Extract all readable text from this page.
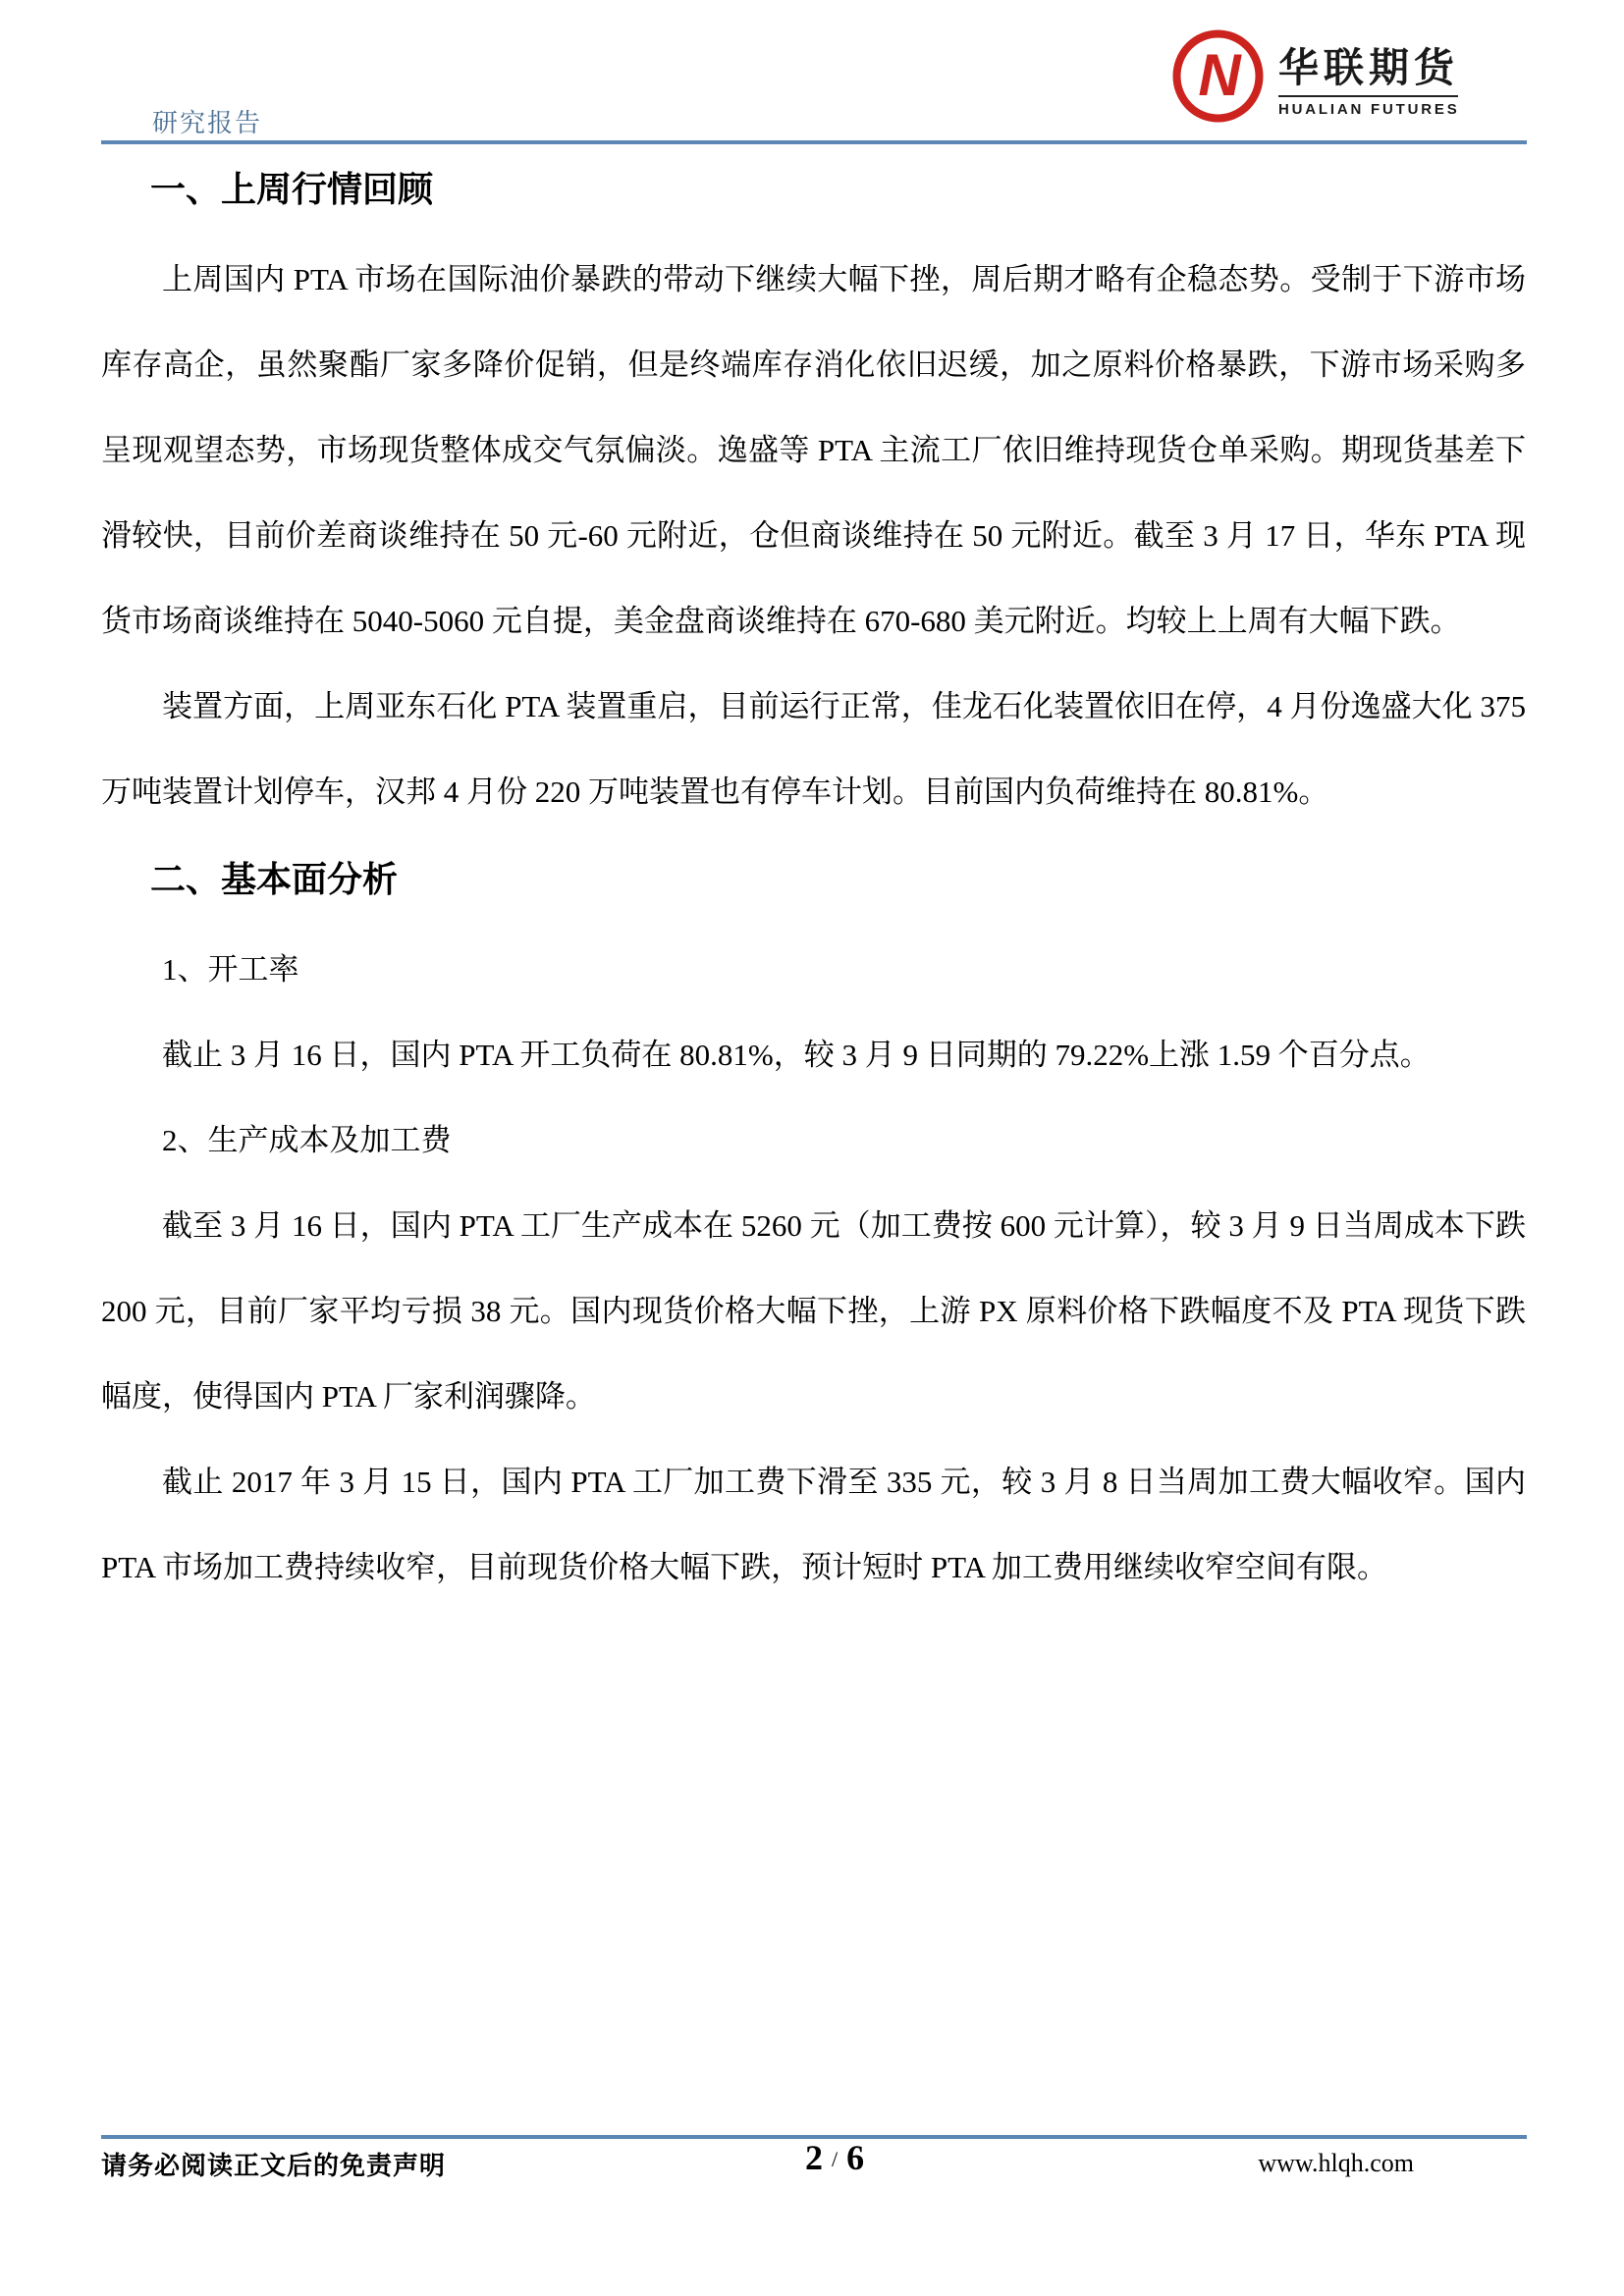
研究报告
N 华联期货
HUALIAN FUTURES
一、上周行情回顾

上周国内 PTA 市场在国际油价暴跌的带动下继续大幅下挫，周后期才略有企稳态势。受制于下游市场库存高企，虽然聚酯厂家多降价促销，但是终端库存消化依旧迟缓，加之原料价格暴跌，下游市场采购多呈现观望态势，市场现货整体成交气氛偏淡。逸盛等 PTA 主流工厂依旧维持现货仓单采购。期现货基差下滑较快，目前价差商谈维持在 50 元-60 元附近，仓但商谈维持在 50 元附近。截至 3 月 17 日，华东 PTA 现货市场商谈维持在 5040-5060 元自提，美金盘商谈维持在 670-680 美元附近。均较上上周有大幅下跌。

装置方面，上周亚东石化 PTA 装置重启，目前运行正常，佳龙石化装置依旧在停，4 月份逸盛大化 375 万吨装置计划停车，汉邦 4 月份 220 万吨装置也有停车计划。目前国内负荷维持在 80.81%。

二、基本面分析

1、开工率

截止 3 月 16 日，国内 PTA 开工负荷在 80.81%，较 3 月 9 日同期的 79.22%上涨 1.59 个百分点。

2、生产成本及加工费

截至 3 月 16 日，国内 PTA 工厂生产成本在 5260 元（加工费按 600 元计算），较 3 月 9 日当周成本下跌 200 元，目前厂家平均亏损 38 元。国内现货价格大幅下挫，上游 PX 原料价格下跌幅度不及 PTA 现货下跌幅度，使得国内 PTA 厂家利润骤降。

截止 2017 年 3 月 15 日，国内 PTA 工厂加工费下滑至 335 元，较 3 月 8 日当周加工费大幅收窄。国内 PTA 市场加工费持续收窄，目前现货价格大幅下跌，预计短时 PTA 加工费用继续收窄空间有限。

请务必阅读正文后的免责声明	2 / 6	www.hlqh.com
